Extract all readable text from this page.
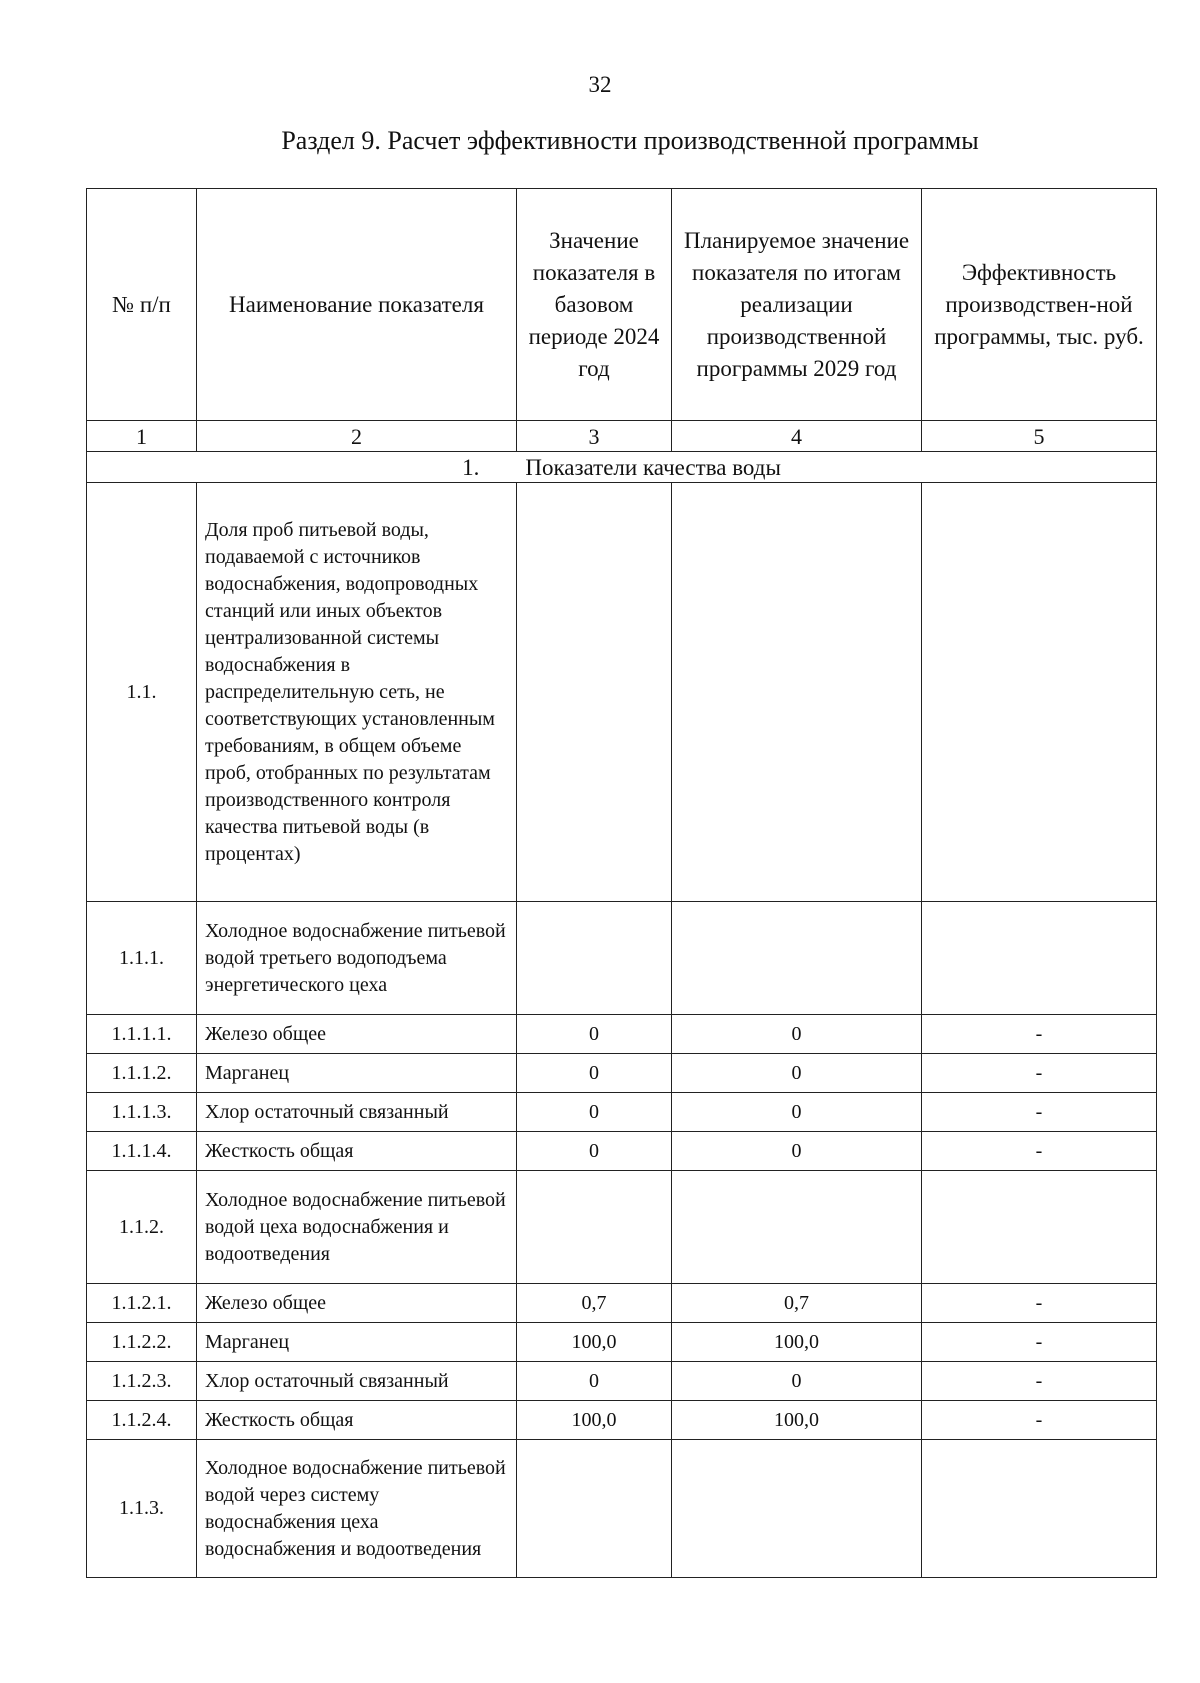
32
Раздел 9. Расчет эффективности производственной программы
№ п/п	Наименование показателя	Значение показателя в базовом периоде 2024 год	Планируемое значение показателя по итогам реализации производственной программы 2029 год	Эффективность производствен-ной программы, тыс. руб.
1	2	3	4	5
1. Показатели качества воды				
1.1.	Доля проб питьевой воды, подаваемой с источников водоснабжения, водопроводных станций или иных объектов централизованной системы водоснабжения в распределительную сеть, не соответствующих установленным требованиям, в общем объеме проб, отобранных по результатам производственного контроля качества питьевой воды (в процентах)			
1.1.1.	Холодное водоснабжение питьевой водой третьего водоподъема энергетического цеха			
1.1.1.1.	Железо общее	0	0	-
1.1.1.2.	Марганец	0	0	-
1.1.1.3.	Хлор остаточный связанный	0	0	-
1.1.1.4.	Жесткость общая	0	0	-
1.1.2.	Холодное водоснабжение питьевой водой цеха водоснабжения и водоотведения			
1.1.2.1.	Железо общее	0,7	0,7	-
1.1.2.2.	Марганец	100,0	100,0	-
1.1.2.3.	Хлор остаточный связанный	0	0	-
1.1.2.4.	Жесткость общая	100,0	100,0	-
1.1.3.	Холодное водоснабжение питьевой водой через систему водоснабжения цеха водоснабжения и водоотведения			
